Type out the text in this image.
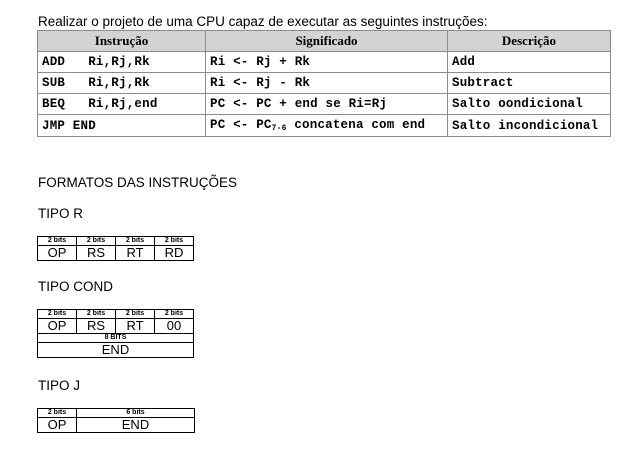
Realizar o projeto de uma CPU capaz de executar as seguintes instruções:
Instrução	Significado	Descrição
ADD   Ri,Rj,Rk	Ri <- Rj + Rk	Add
SUB   Ri,Rj,Rk	Ri <- Rj - Rk	Subtract
BEQ   Ri,Rj,end	PC <- PC + end se Ri=Rj	Salto oondicional
JMP END	PC <- $PC_{7-6}$ concatena com end	Salto incondicional
FORMATOS DAS INSTRUÇÕES
TIPO R
2 bits	2 bits	2 bits	2 bits
OP	RS	RT	RD
TIPO COND
2 bits	2 bits	2 bits	2 bits
OP	RS	RT	00
8 BITS			
END			
TIPO J
2 bits	6 bits
OP	END
